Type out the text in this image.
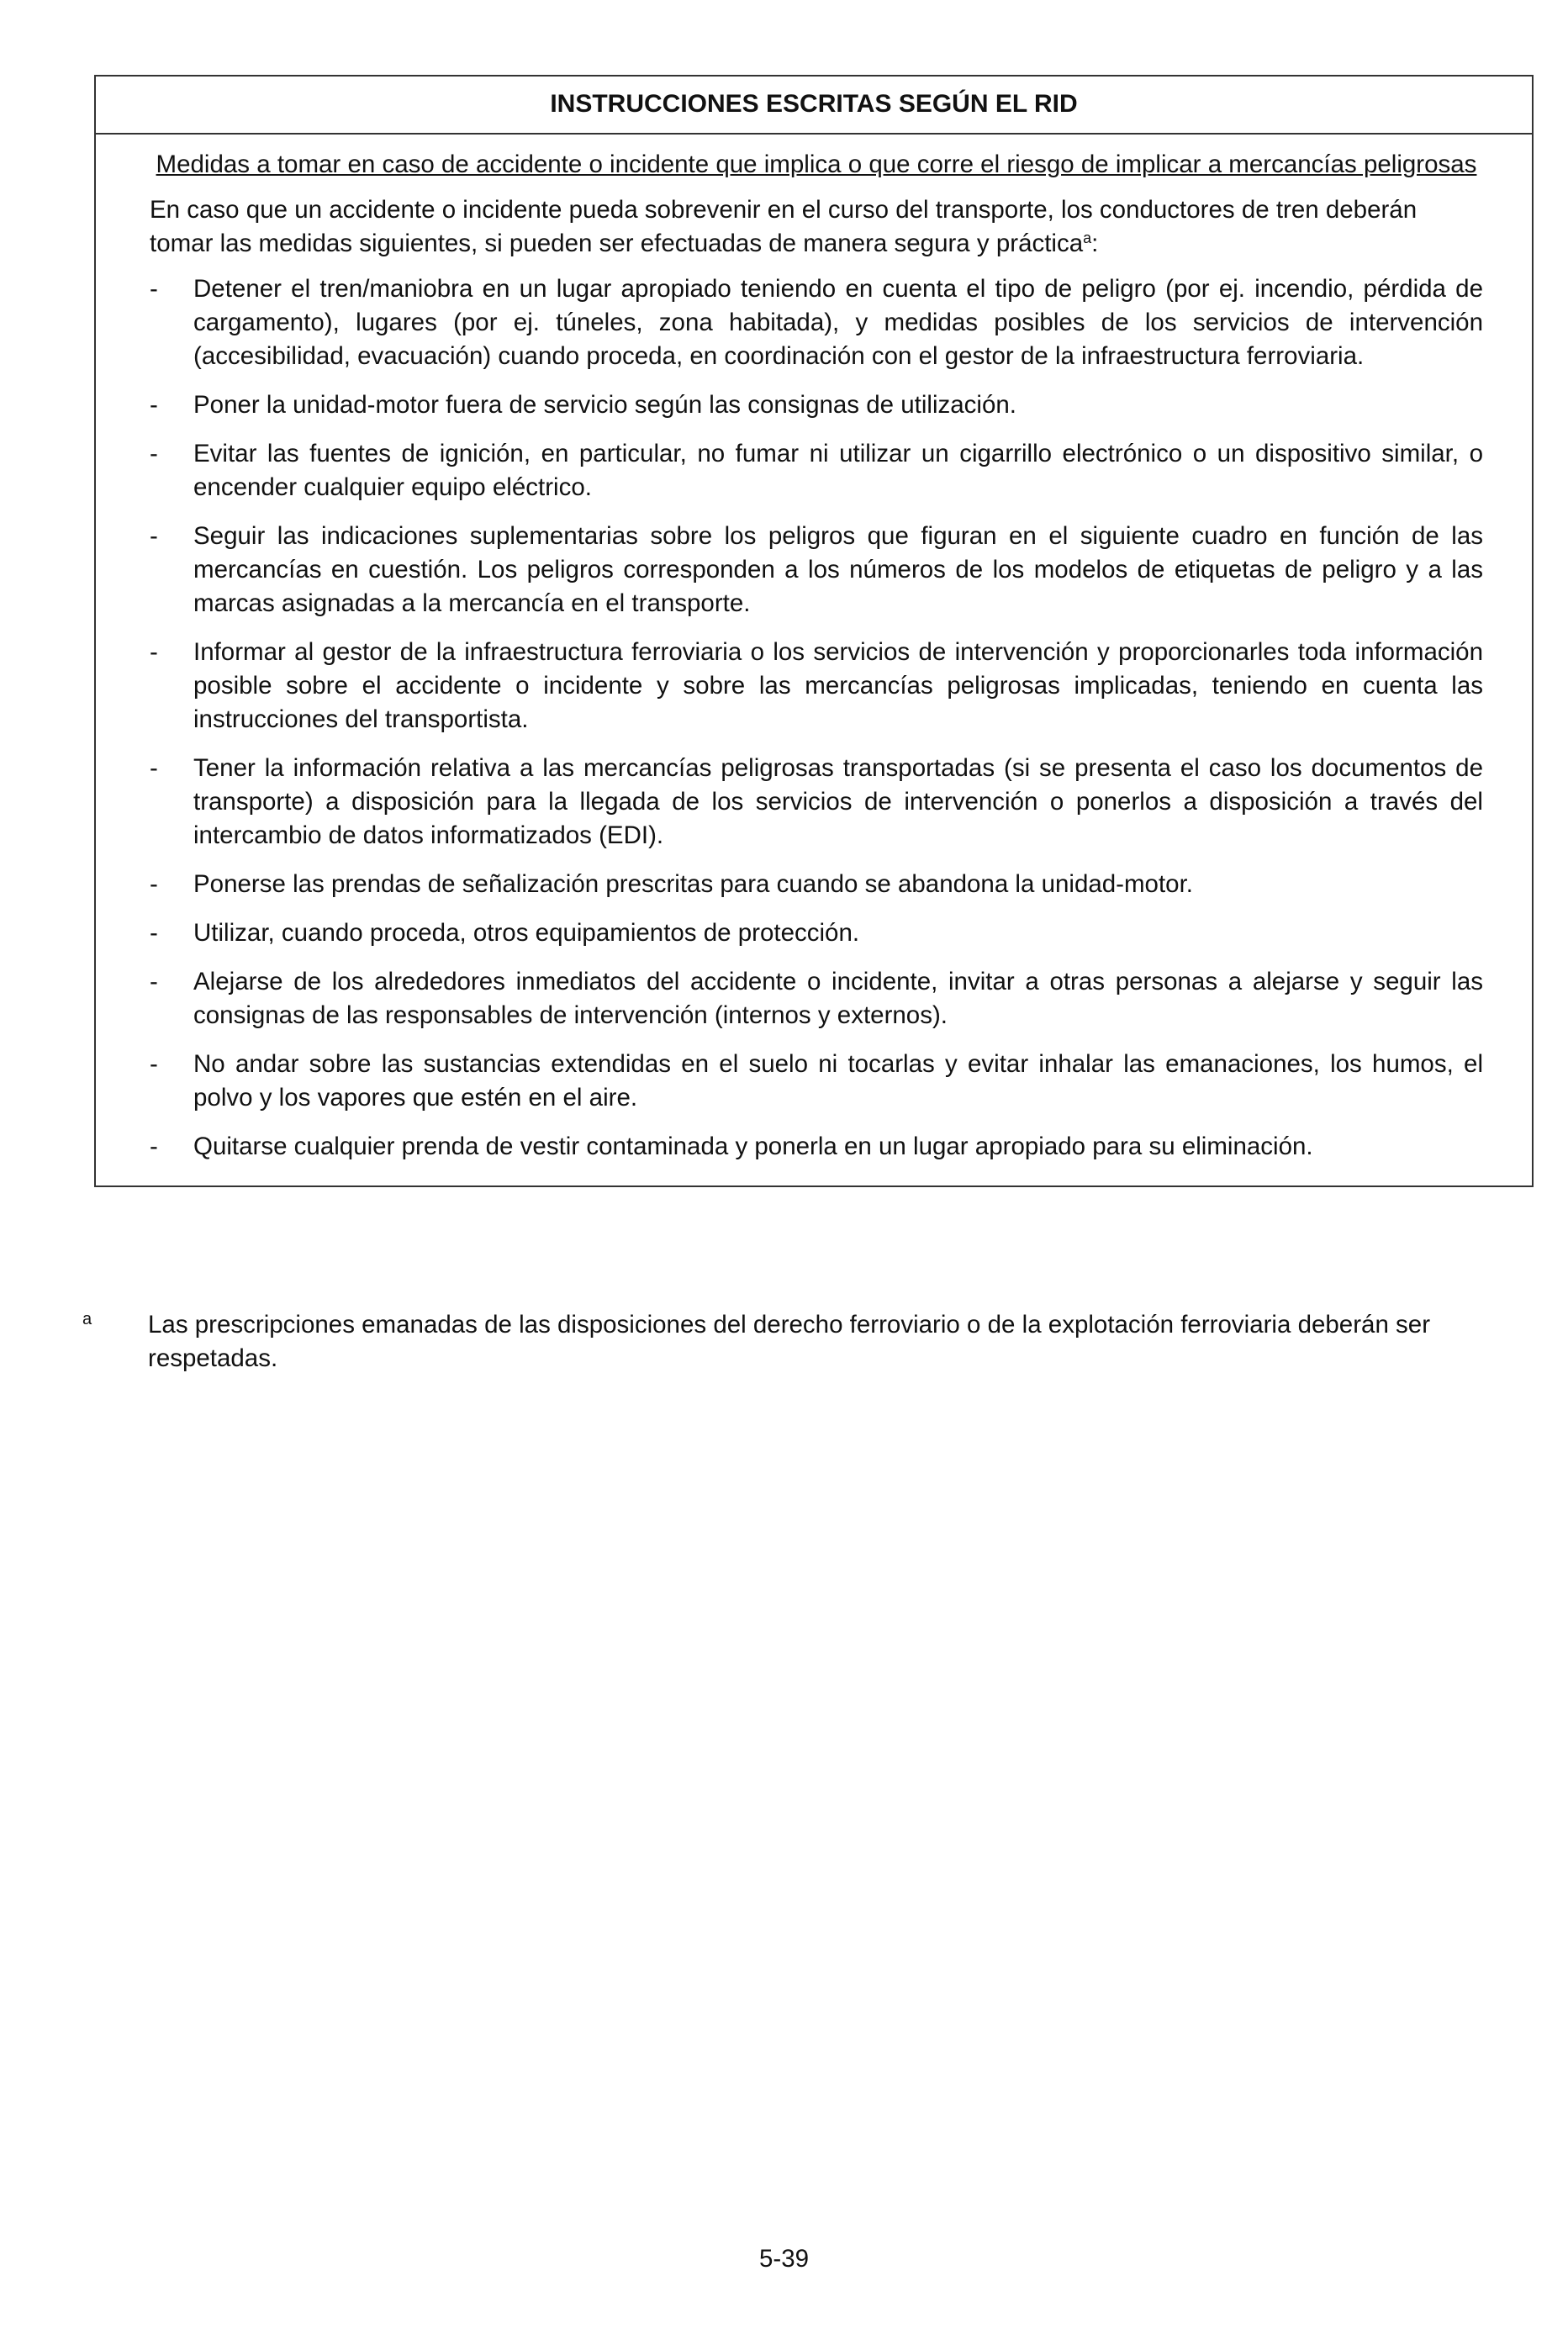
INSTRUCCIONES ESCRITAS SEGÚN EL RID

Medidas a tomar en caso de accidente o incidente que implica o que corre el riesgo de implicar a mercancías peligrosas

En caso que un accidente o incidente pueda sobrevenir en el curso del transporte, los conductores de tren deberán tomar las medidas siguientes, si pueden ser efectuadas de manera segura y práctica$^a$:

-	Detener el tren/maniobra en un lugar apropiado teniendo en cuenta el tipo de peligro (por ej. incendio, pérdida de cargamento), lugares (por ej. túneles, zona habitada), y medidas posibles de los servicios de intervención (accesibilidad, evacuación) cuando proceda, en coordinación con el gestor de la infraestructura ferroviaria.
-	Poner la unidad-motor fuera de servicio según las consignas de utilización.
-	Evitar las fuentes de ignición, en particular, no fumar ni utilizar un cigarrillo electrónico o un dispositivo similar, o encender cualquier equipo eléctrico.
-	Seguir las indicaciones suplementarias sobre los peligros que figuran en el siguiente cuadro en función de las mercancías en cuestión. Los peligros corresponden a los números de los modelos de etiquetas de peligro y a las marcas asignadas a la mercancía en el transporte.
-	Informar al gestor de la infraestructura ferroviaria o los servicios de intervención y proporcionarles toda información posible sobre el accidente o incidente y sobre las mercancías peligrosas implicadas, teniendo en cuenta las instrucciones del transportista.
-	Tener la información relativa a las mercancías peligrosas transportadas (si se presenta el caso los documentos de transporte) a disposición para la llegada de los servicios de intervención o ponerlos a disposición a través del intercambio de datos informatizados (EDI).
-	Ponerse las prendas de señalización prescritas para cuando se abandona la unidad-motor.
-	Utilizar, cuando proceda, otros equipamientos de protección.
-	Alejarse de los alrededores inmediatos del accidente o incidente, invitar a otras personas a alejarse y seguir las consignas de las responsables de intervención (internos y externos).
-	No andar sobre las sustancias extendidas en el suelo ni tocarlas y evitar inhalar las emanaciones, los humos, el polvo y los vapores que estén en el aire.
-	Quitarse cualquier prenda de vestir contaminada y ponerla en un lugar apropiado para su eliminación.
a	Las prescripciones emanadas de las disposiciones del derecho ferroviario o de la explotación ferroviaria deberán ser respetadas.
5-39
